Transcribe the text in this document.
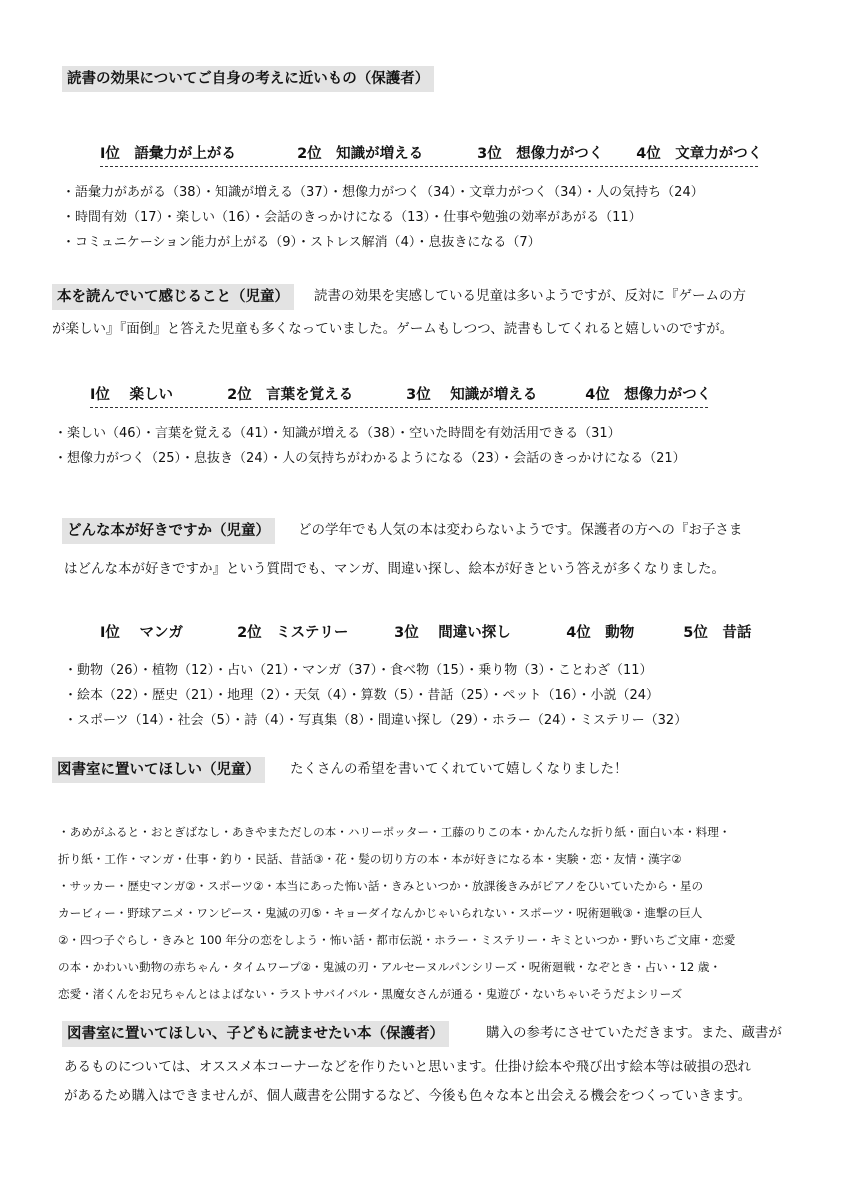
読書の効果についてご自身の考えに近いもの（保護者）
Ⅰ位　語彙力が上がる	2位　知識が増える	3位　想像力がつく 4位　文章力がつく
・語彙力があがる（38）・知識が増える（37）・想像力がつく（34）・文章力がつく（34）・人の気持ち（24）
・時間有効（17）・楽しい（16）・会話のきっかけになる（13）・仕事や勉強の効率があがる（11）
・コミュニケーション能力が上がる（9）・ストレス解消（4）・息抜きになる（7）
本を読んでいて感じること（児童）	読書の効果を実感している児童は多いようですが、反対に『ゲームの方
が楽しい』『面倒』と答えた児童も多くなっていました。ゲームもしつつ、読書もしてくれると嬉しいのですが。
Ⅰ位　 楽しい	2位　言葉を覚える	3位　 知識が増える	4位　想像力がつく
・楽しい（46）・言葉を覚える（41）・知識が増える（38）・空いた時間を有効活用できる（31）
・想像力がつく（25）・息抜き（24）・人の気持ちがわかるようになる（23）・会話のきっかけになる（21）
どんな本が好きですか（児童）	どの学年でも人気の本は変わらないようです。保護者の方への『お子さま
はどんな本が好きですか』という質問でも、マンガ、間違い探し、絵本が好きという答えが多くなりました。
Ⅰ位　 マンガ	2位　ミステリー	3位　 間違い探し	4位　動物	5位　昔話
・動物（26）・植物（12）・占い（21）・マンガ（37）・食べ物（15）・乗り物（3）・ことわざ（11）
・絵本（22）・歴史（21）・地理（2）・天気（4）・算数（5）・昔話（25）・ペット（16）・小説（24）
・スポーツ（14）・社会（5）・詩（4）・写真集（8）・間違い探し（29）・ホラー（24）・ミステリー（32）
図書室に置いてほしい（児童）	たくさんの希望を書いてくれていて嬉しくなりました！
・あめがふると・おとぎばなし・あきやまただしの本・ハリーポッター・工藤のりこの本・かんたんな折り紙・面白い本・料理・
折り紙・工作・マンガ・仕事・釣り・民話、昔話③・花・髪の切り方の本・本が好きになる本・実験・恋・友情・漢字②
・サッカー・歴史マンガ②・スポーツ②・本当にあった怖い話・きみといつか・放課後きみがピアノをひいていたから・星の
カービィー・野球アニメ・ワンピース・鬼滅の刃⑤・キョーダイなんかじゃいられない・スポーツ・呪術廻戦③・進撃の巨人
②・四つ子ぐらし・きみと 100 年分の恋をしよう・怖い話・都市伝説・ホラー・ミステリー・キミといつか・野いちご文庫・恋愛
の本・かわいい動物の赤ちゃん・タイムワープ②・鬼滅の刃・アルセーヌルパンシリーズ・呪術廻戦・なぞとき・占い・12 歳・
恋愛・渚くんをお兄ちゃんとはよばない・ラストサバイバル・黒魔女さんが通る・鬼遊び・ないちゃいそうだよシリーズ
図書室に置いてほしい、子どもに読ませたい本（保護者）	購入の参考にさせていただきます。また、蔵書が
あるものについては、オススメ本コーナーなどを作りたいと思います。仕掛け絵本や飛び出す絵本等は破損の恐れ
があるため購入はできませんが、個人蔵書を公開するなど、今後も色々な本と出会える機会をつくっていきます。
